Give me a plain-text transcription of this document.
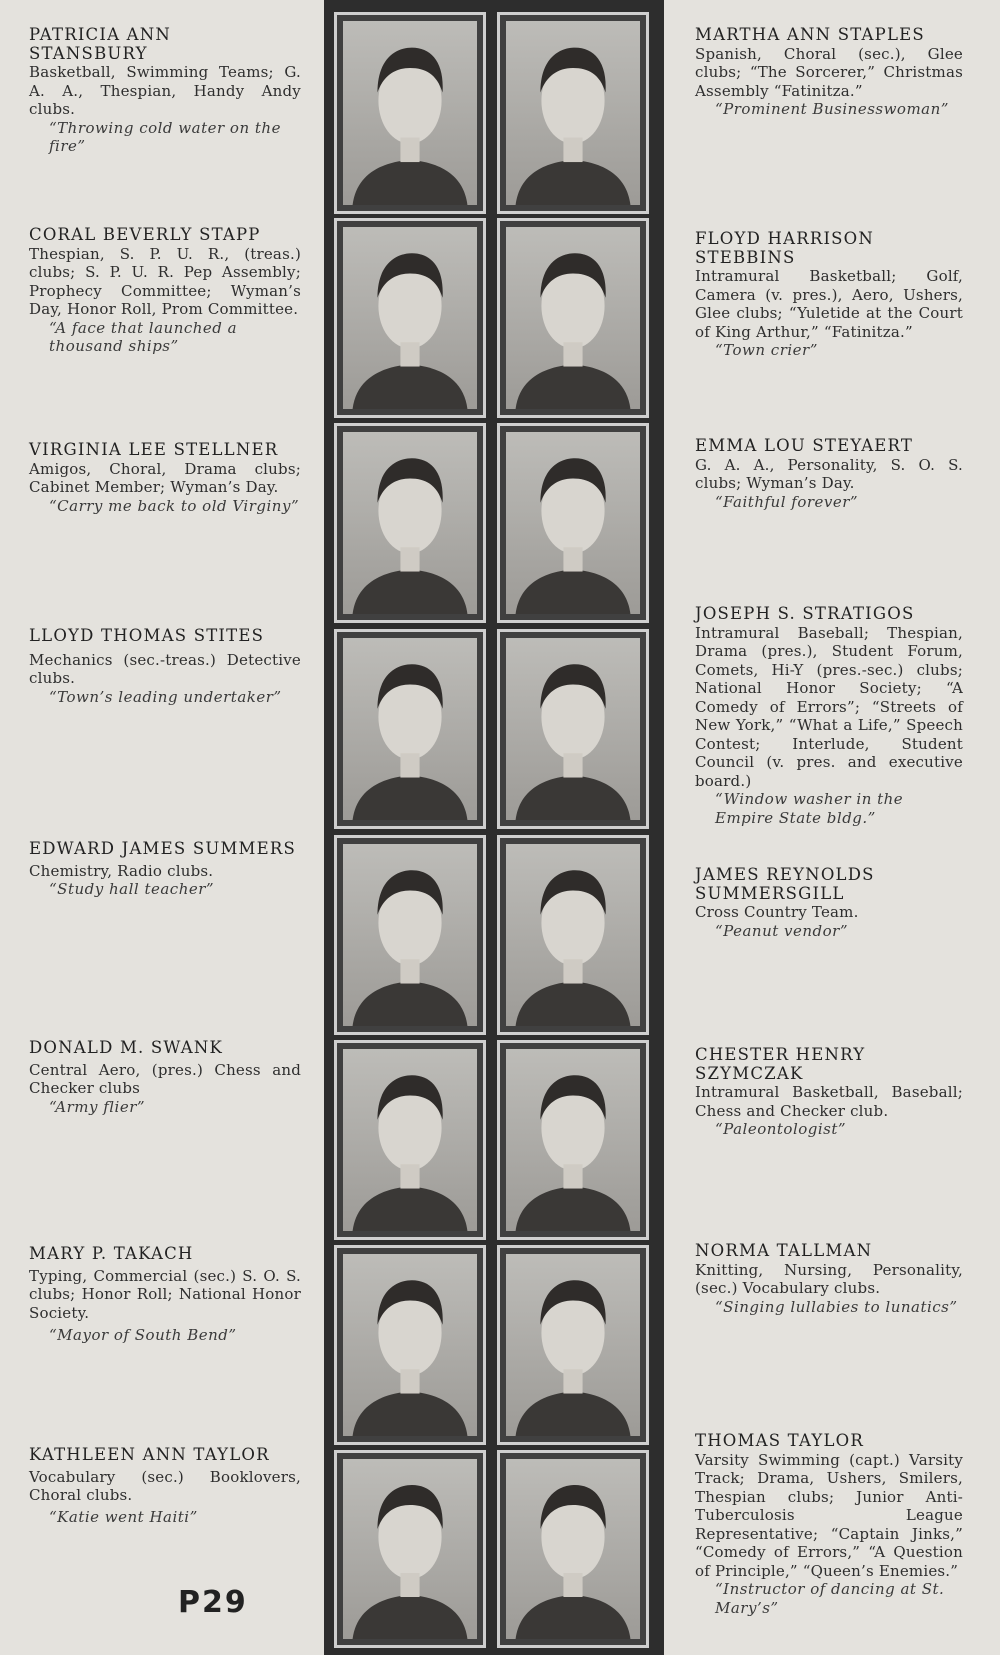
PATRICIA ANN
STANSBURY
Basketball, Swimming Teams; G. A. A., Thespian, Handy Andy clubs.
“Throwing cold water on the fire”
CORAL BEVERLY STAPP
Thespian, S. P. U. R., (treas.) clubs; S. P. U. R. Pep Assembly; Prophecy Committee; Wyman’s Day, Honor Roll, Prom Committee.
“A face that launched a thousand ships”
VIRGINIA LEE STELLNER
Amigos, Choral, Drama clubs; Cabinet Member; Wyman’s Day.
“Carry me back to old Virginy”
LLOYD THOMAS STITES
Mechanics (sec.-treas.) Detective clubs.
“Town’s leading undertaker”
EDWARD JAMES SUMMERS
Chemistry, Radio clubs.
“Study hall teacher”
DONALD M. SWANK
Central Aero, (pres.) Chess and Checker clubs
“Army flier”
MARY P. TAKACH
Typing, Commercial (sec.) S. O. S. clubs; Honor Roll; National Honor Society.
“Mayor of South Bend”
KATHLEEN ANN TAYLOR
Vocabulary (sec.) Booklovers, Choral clubs.
“Katie went Haiti”
MARTHA ANN STAPLES
Spanish, Choral (sec.), Glee clubs; “The Sorcerer,” Christmas Assembly “Fatinitza.”
“Prominent Businesswoman”
FLOYD HARRISON
STEBBINS
Intramural Basketball; Golf, Camera (v. pres.), Aero, Ushers, Glee clubs; “Yuletide at the Court of King Arthur,” “Fatinitza.”
“Town crier”
EMMA LOU STEYAERT
G. A. A., Personality, S. O. S. clubs; Wyman’s Day.
“Faithful forever”
JOSEPH S. STRATIGOS
Intramural Baseball; Thespian, Drama (pres.), Student Forum, Comets, Hi-Y (pres.-sec.) clubs; National Honor Society; “A Comedy of Errors”; “Streets of New York,” “What a Life,” Speech Contest; Interlude, Student Council (v. pres. and executive board.)
“Window washer in the Empire State bldg.”
JAMES REYNOLDS
SUMMERSGILL
Cross Country Team.
“Peanut vendor”
CHESTER HENRY
SZYMCZAK
Intramural Basketball, Baseball; Chess and Checker club.
“Paleontologist”
NORMA TALLMAN
Knitting, Nursing, Personality, (sec.) Vocabulary clubs.
“Singing lullabies to lunatics”
THOMAS TAYLOR
Varsity Swimming (capt.) Varsity Track; Drama, Ushers, Smilers, Thespian clubs; Junior Anti-Tuberculosis League Representative; “Captain Jinks,” “Comedy of Errors,” “A Question of Principle,” “Queen’s Enemies.”
“Instructor of dancing at St. Mary’s”
P29
